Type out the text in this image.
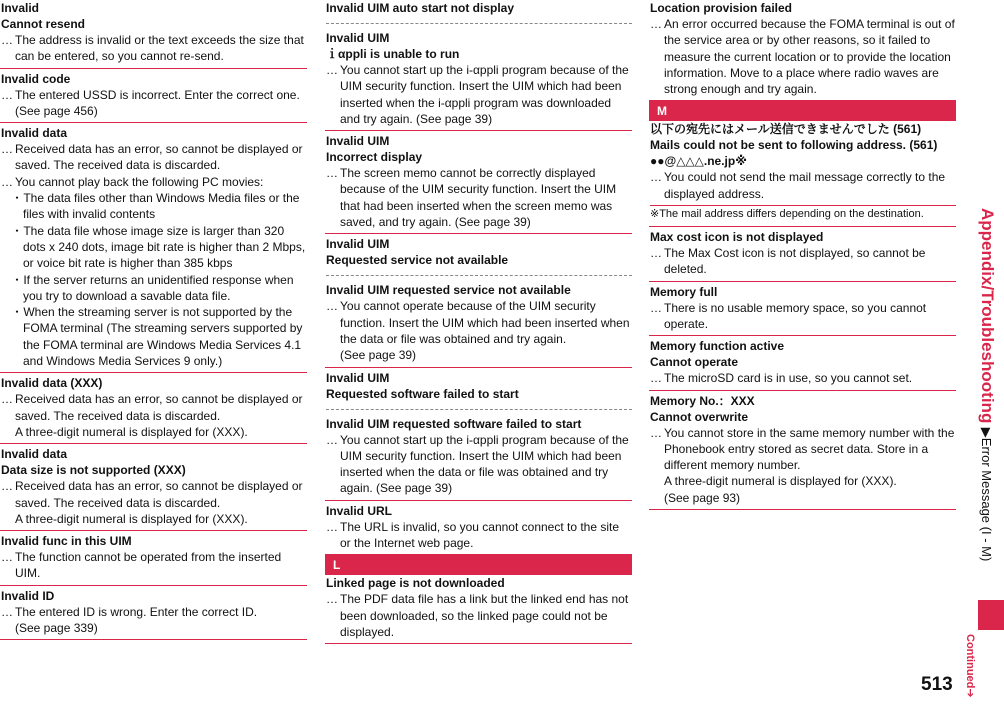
Invalid
Cannot resend
… The address is invalid or the text exceeds the size that can be entered, so you cannot re-send.
Invalid code
… The entered USSD is incorrect. Enter the correct one.
(See page 456)
Invalid data
… Received data has an error, so cannot be displayed or saved. The received data is discarded.
… You cannot play back the following PC movies:
･ The data files other than Windows Media files or the files with invalid contents
･ The data file whose image size is larger than 320 dots x 240 dots, image bit rate is higher than 2 Mbps, or voice bit rate is higher than 385 kbps
･ If the server returns an unidentified response when you try to download a savable data file.
･ When the streaming server is not supported by the FOMA terminal (The streaming servers supported by the FOMA terminal are Windows Media Services 4.1 and Windows Media Services 9 only.)
Invalid data (XXX)
… Received data has an error, so cannot be displayed or saved. The received data is discarded.
A three-digit numeral is displayed for (XXX).
Invalid data
Data size is not supported (XXX)
… Received data has an error, so cannot be displayed or saved. The received data is discarded.
A three-digit numeral is displayed for (XXX).
Invalid func in this UIM
… The function cannot be operated from the inserted UIM.
Invalid ID
… The entered ID is wrong. Enter the correct ID.
(See page 339)
Invalid UIM auto start not display
Invalid UIM
ｉαppli is unable to run
… You cannot start up the i-αppli program because of the UIM security function. Insert the UIM which had been inserted when the i-αppli program was downloaded and try again. (See page 39)
Invalid UIM
Incorrect display
… The screen memo cannot be correctly displayed because of the UIM security function. Insert the UIM that had been inserted when the screen memo was saved, and try again. (See page 39)
Invalid UIM
Requested service not available
Invalid UIM requested service not available
… You cannot operate because of the UIM security function. Insert the UIM which had been inserted when the data or file was obtained and try again.
(See page 39)
Invalid UIM
Requested software failed to start
Invalid UIM requested software failed to start
… You cannot start up the i-αppli program because of the UIM security function. Insert the UIM which had been inserted when the data or file was obtained and try again. (See page 39)
Invalid URL
… The URL is invalid, so you cannot connect to the site or the Internet web page.
L
Linked page is not downloaded
… The PDF data file has a link but the linked end has not been downloaded, so the linked page could not be displayed.
Location provision failed
… An error occurred because the FOMA terminal is out of the service area or by other reasons, so it failed to measure the current location or to provide the location information. Move to a place where radio waves are strong enough and try again.
M
以下の宛先にはメール送信できませんでした (561)
Mails could not be sent to following address. (561)
●●@△△△.ne.jp※
… You could not send the mail message correctly to the displayed address.
※The mail address differs depending on the destination.
Max cost icon is not displayed
… The Max Cost icon is not displayed, so cannot be deleted.
Memory full
… There is no usable memory space, so you cannot operate.
Memory function active
Cannot operate
… The microSD card is in use, so you cannot set.
Memory No.：XXX
Cannot overwrite
… You cannot store in the same memory number with the Phonebook entry stored as secret data. Store in a different memory number.
A three-digit numeral is displayed for (XXX).
(See page 93)
Appendix/Troubleshooting ▶Error Message (I - M)
Continued➔
513
